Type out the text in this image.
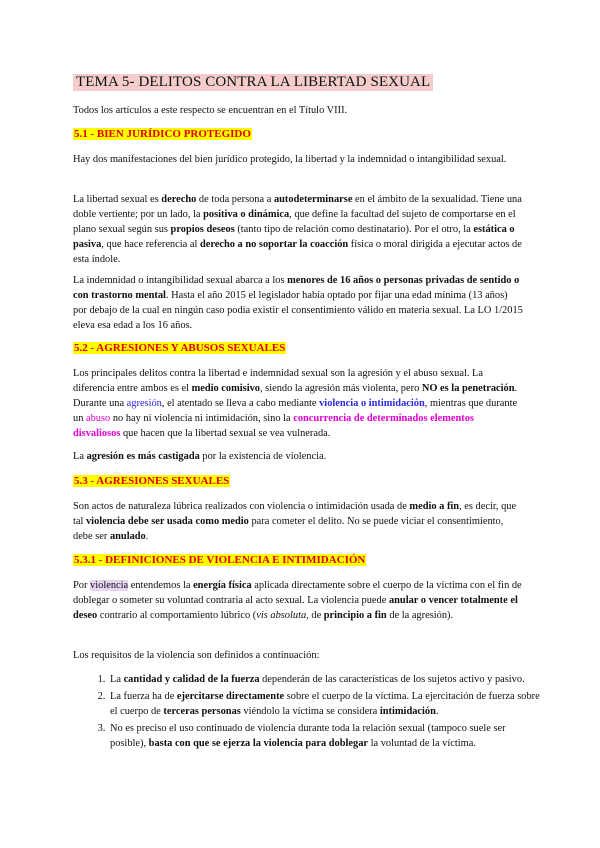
TEMA 5- DELITOS CONTRA LA LIBERTAD SEXUAL

Todos los artículos a este respecto se encuentran en el Título VIII.

5.1 - BIEN JURÍDICO PROTEGIDO

Hay dos manifestaciones del bien jurídico protegido, la libertad y la indemnidad o intangibilidad sexual.

La libertad sexual es derecho de toda persona a autodeterminarse en el ámbito de la sexualidad. Tiene una doble vertiente; por un lado, la positiva o dinámica, que define la facultad del sujeto de comportarse en el plano sexual según sus propios deseos (tanto tipo de relación como destinatario). Por el otro, la estática o pasiva, que hace referencia al derecho a no soportar la coacción física o moral dirigida a ejecutar actos de esta índole.

La indemnidad o intangibilidad sexual abarca a los menores de 16 años o personas privadas de sentido o con trastorno mental. Hasta el año 2015 el legislador había optado por fijar una edad mínima (13 años) por debajo de la cual en ningún caso podía existir el consentimiento válido en materia sexual. La LO 1/2015 eleva esa edad a los 16 años.

5.2 - AGRESIONES Y ABUSOS SEXUALES

Los principales delitos contra la libertad e indemnidad sexual son la agresión y el abuso sexual. La diferencia entre ambos es el medio comisivo, siendo la agresión más violenta, pero NO es la penetración. Durante una agresión, el atentado se lleva a cabo mediante violencia o intimidación, mientras que durante un abuso no hay ni violencia ni intimidación, sino la concurrencia de determinados elementos disvaliosos que hacen que la libertad sexual se vea vulnerada.

La agresión es más castigada por la existencia de violencia.

5.3 - AGRESIONES SEXUALES

Son actos de naturaleza lúbrica realizados con violencia o intimidación usada de medio a fin, es decir, que tal violencia debe ser usada como medio para cometer el delito. No se puede viciar el consentimiento, debe ser anulado.

5.3.1 - DEFINICIONES DE VIOLENCIA E INTIMIDACIÓN

Por violencia entendemos la energía física aplicada directamente sobre el cuerpo de la víctima con el fin de doblegar o someter su voluntad contraria al acto sexual. La violencia puede anular o vencer totalmente el deseo contrario al comportamiento lúbrico (vis absoluta, de principio a fin de la agresión).

Los requisitos de la violencia son definidos a continuación:

1. La cantidad y calidad de la fuerza dependerán de las características de los sujetos activo y pasivo.
2. La fuerza ha de ejercitarse directamente sobre el cuerpo de la víctima. La ejercitación de fuerza sobre el cuerpo de terceras personas viéndolo la víctima se considera intimidación.
3. No es preciso el uso continuado de violencia durante toda la relación sexual (tampoco suele ser posible), basta con que se ejerza la violencia para doblegar la voluntad de la víctima.
